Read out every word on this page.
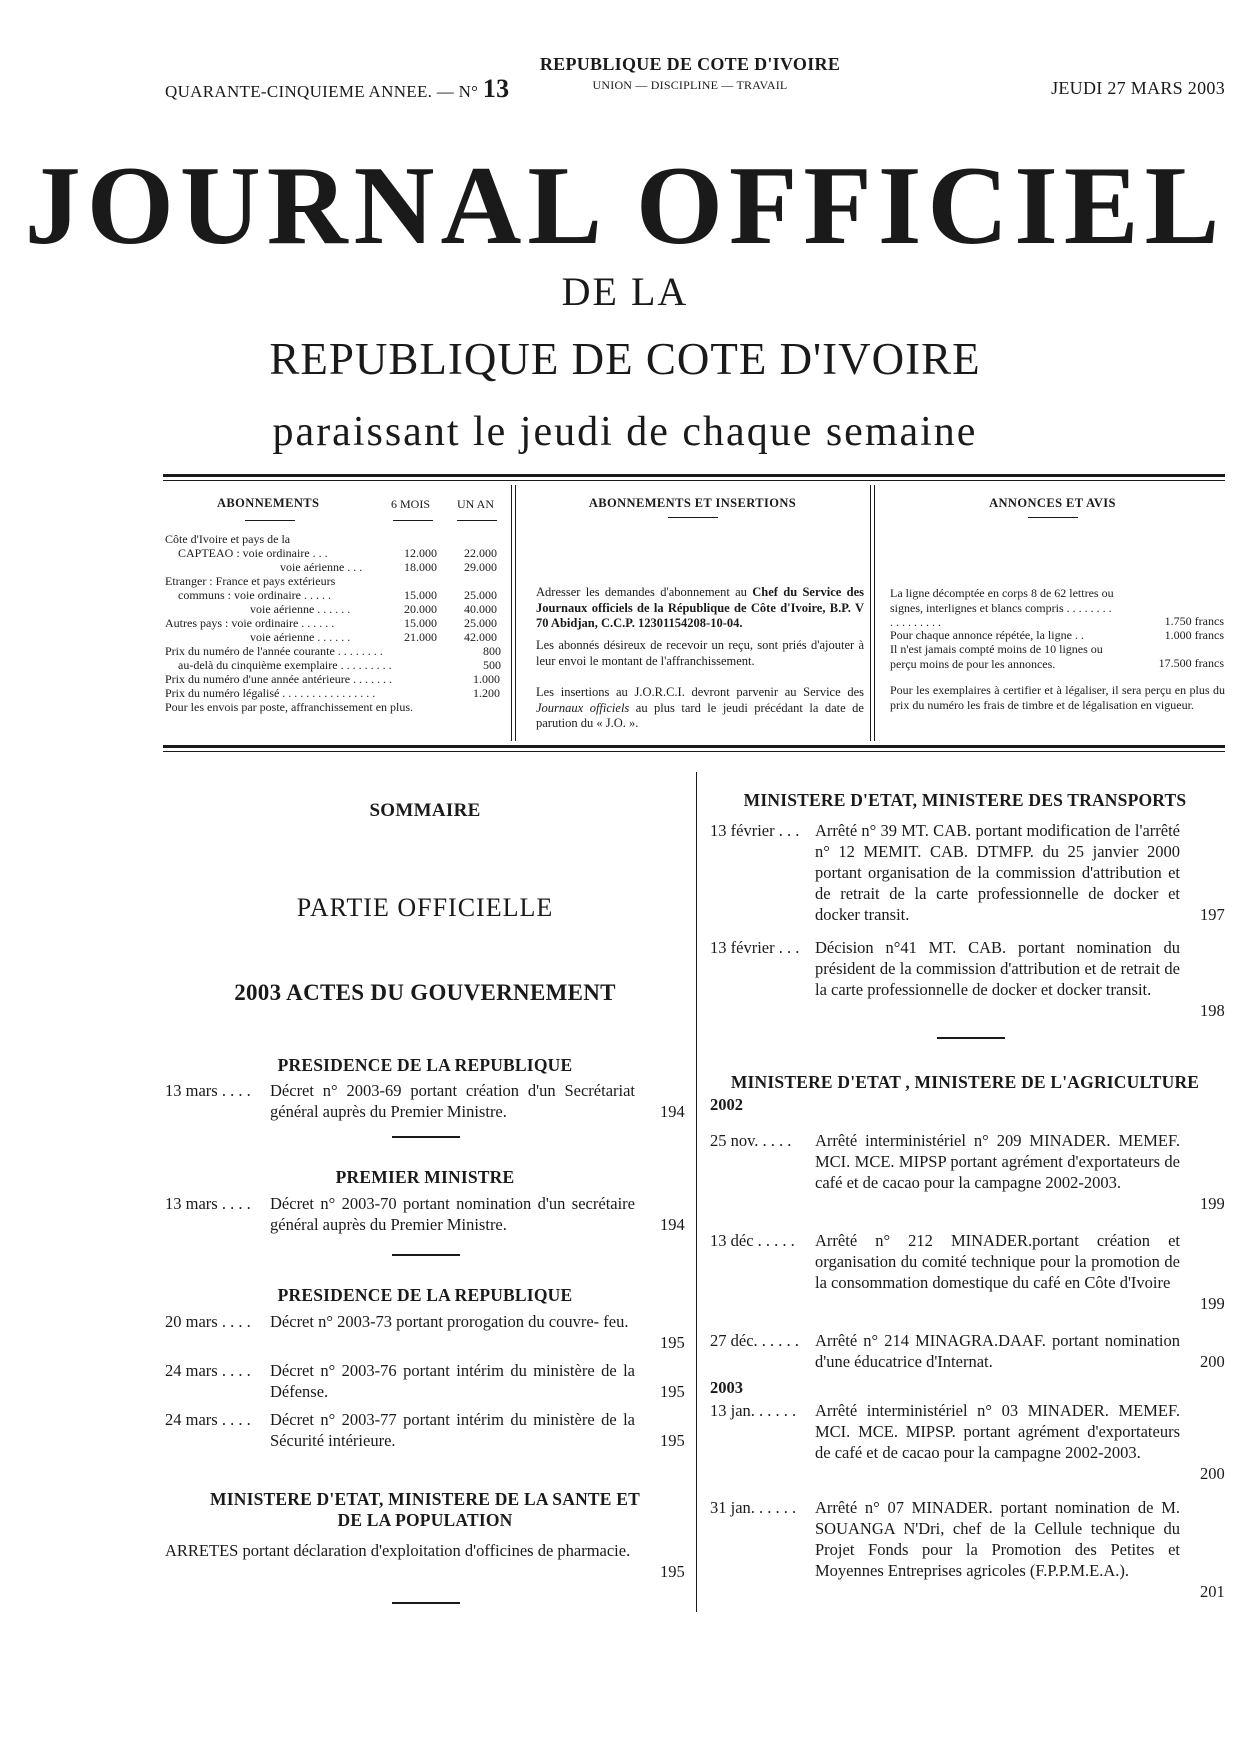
QUARANTE-CINQUIEME ANNEE. — N° 13
REPUBLIQUE DE COTE D'IVOIRE
UNION — DISCIPLINE — TRAVAIL	JEUDI 27 MARS 2003
JOURNAL OFFICIEL
DE LA
REPUBLIQUE DE COTE D'IVOIRE
paraissant le jeudi de chaque semaine
ABONNEMENTS	6 MOIS UN AN
Côte d'Ivoire et pays de la
CAPTEAO : voie ordinaire . . .	12.000 22.000
voie aérienne . . .	18.000 29.000
Etranger : France et pays extérieurs
communs : voie ordinaire . . . . .	15.000 25.000
voie aérienne . . . . . .	20.000 40.000
Autres pays : voie ordinaire . . . . . .	15.000 25.000
voie aérienne . . . . . .	21.000 42.000
Prix du numéro de l'année courante . . . . . . . .	800
au-delà du cinquième exemplaire . . . . . . . . .	500
Prix du numéro d'une année antérieure . . . . . . .	1.000
Prix du numéro légalisé . . . . . . . . . . . . . . . .	1.200
Pour les envois par poste, affranchissement en plus.
ABONNEMENTS ET INSERTIONS
Adresser les demandes d'abonnement au Chef du Service des Journaux officiels de la République de Côte d'Ivoire, B.P. V 70 Abidjan, C.C.P. 12301154208-10-04.
Les abonnés désireux de recevoir un reçu, sont priés d'ajouter à leur envoi le montant de l'affranchissement.
Les insertions au J.O.R.C.I. devront parvenir au Service des Journaux officiels au plus tard le jeudi précédant la date de parution du « J.O. ».
ANNONCES ET AVIS
La ligne décomptée en corps 8 de 62 lettres ou signes, interlignes et blancs compris . . . . . . . . . . . . . . . . .	1.750 francs
Pour chaque annonce répétée, la ligne . .	1.000 francs
Il n'est jamais compté moins de 10 lignes ou perçu moins de pour les annonces.	17.500 francs
Pour les exemplaires à certifier et à légaliser, il sera perçu en plus du prix du numéro les frais de timbre et de légalisation en vigueur.
SOMMAIRE
PARTIE OFFICIELLE
2003 ACTES DU GOUVERNEMENT
PRESIDENCE DE LA REPUBLIQUE
13 mars . . . . Décret n° 2003-69 portant création d'un Secrétariat général auprès du Premier Ministre.	194
PREMIER MINISTRE
13 mars . . . . Décret n° 2003-70 portant nomination d'un secrétaire général auprès du Premier Ministre.	194
PRESIDENCE DE LA REPUBLIQUE
20 mars . . . . Décret n° 2003-73 portant prorogation du couvre- feu.
195
24 mars . . . . Décret n° 2003-76 portant intérim du ministère de la Défense.	195
24 mars . . . . Décret n° 2003-77 portant intérim du ministère de la Sécurité intérieure.	195
MINISTERE D'ETAT, MINISTERE DE LA SANTE ET DE LA POPULATION
ARRETES portant déclaration d'exploitation d'officines de pharmacie.
195
MINISTERE D'ETAT, MINISTERE DES TRANSPORTS
13 février . . . Arrêté n° 39 MT. CAB. portant modification de l'arrêté n° 12 MEMIT. CAB. DTMFP. du 25 janvier 2000 portant organisation de la commission d'attribution et de retrait de la carte professionnelle de docker et docker transit.	197
13 février . . . Décision n°41 MT. CAB. portant nomination du président de la commission d'attribution et de retrait de la carte professionnelle de docker et docker transit.
198
MINISTERE D'ETAT , MINISTERE DE L'AGRICULTURE
2002
25 nov. . . . . Arrêté interministériel n° 209 MINADER. MEMEF. MCI. MCE. MIPSP portant agrément d'exportateurs de café et de cacao pour la campagne 2002-2003.
199
13 déc . . . . . Arrêté n° 212 MINADER.portant création et organisation du comité technique pour la promotion de la consommation domestique du café en Côte d'Ivoire
199
27 déc. . . . . . Arrêté n° 214 MINAGRA.DAAF. portant nomination d'une éducatrice d'Internat.	200
2003
13 jan. . . . . . Arrêté interministériel n° 03 MINADER. MEMEF. MCI. MCE. MIPSP. portant agrément d'exportateurs de café et de cacao pour la campagne 2002-2003.
200
31 jan. . . . . . Arrêté n° 07 MINADER. portant nomination de M. SOUANGA N'Dri, chef de la Cellule technique du Projet Fonds pour la Promotion des Petites et Moyennes Entreprises agricoles (F.P.P.M.E.A.).
201
